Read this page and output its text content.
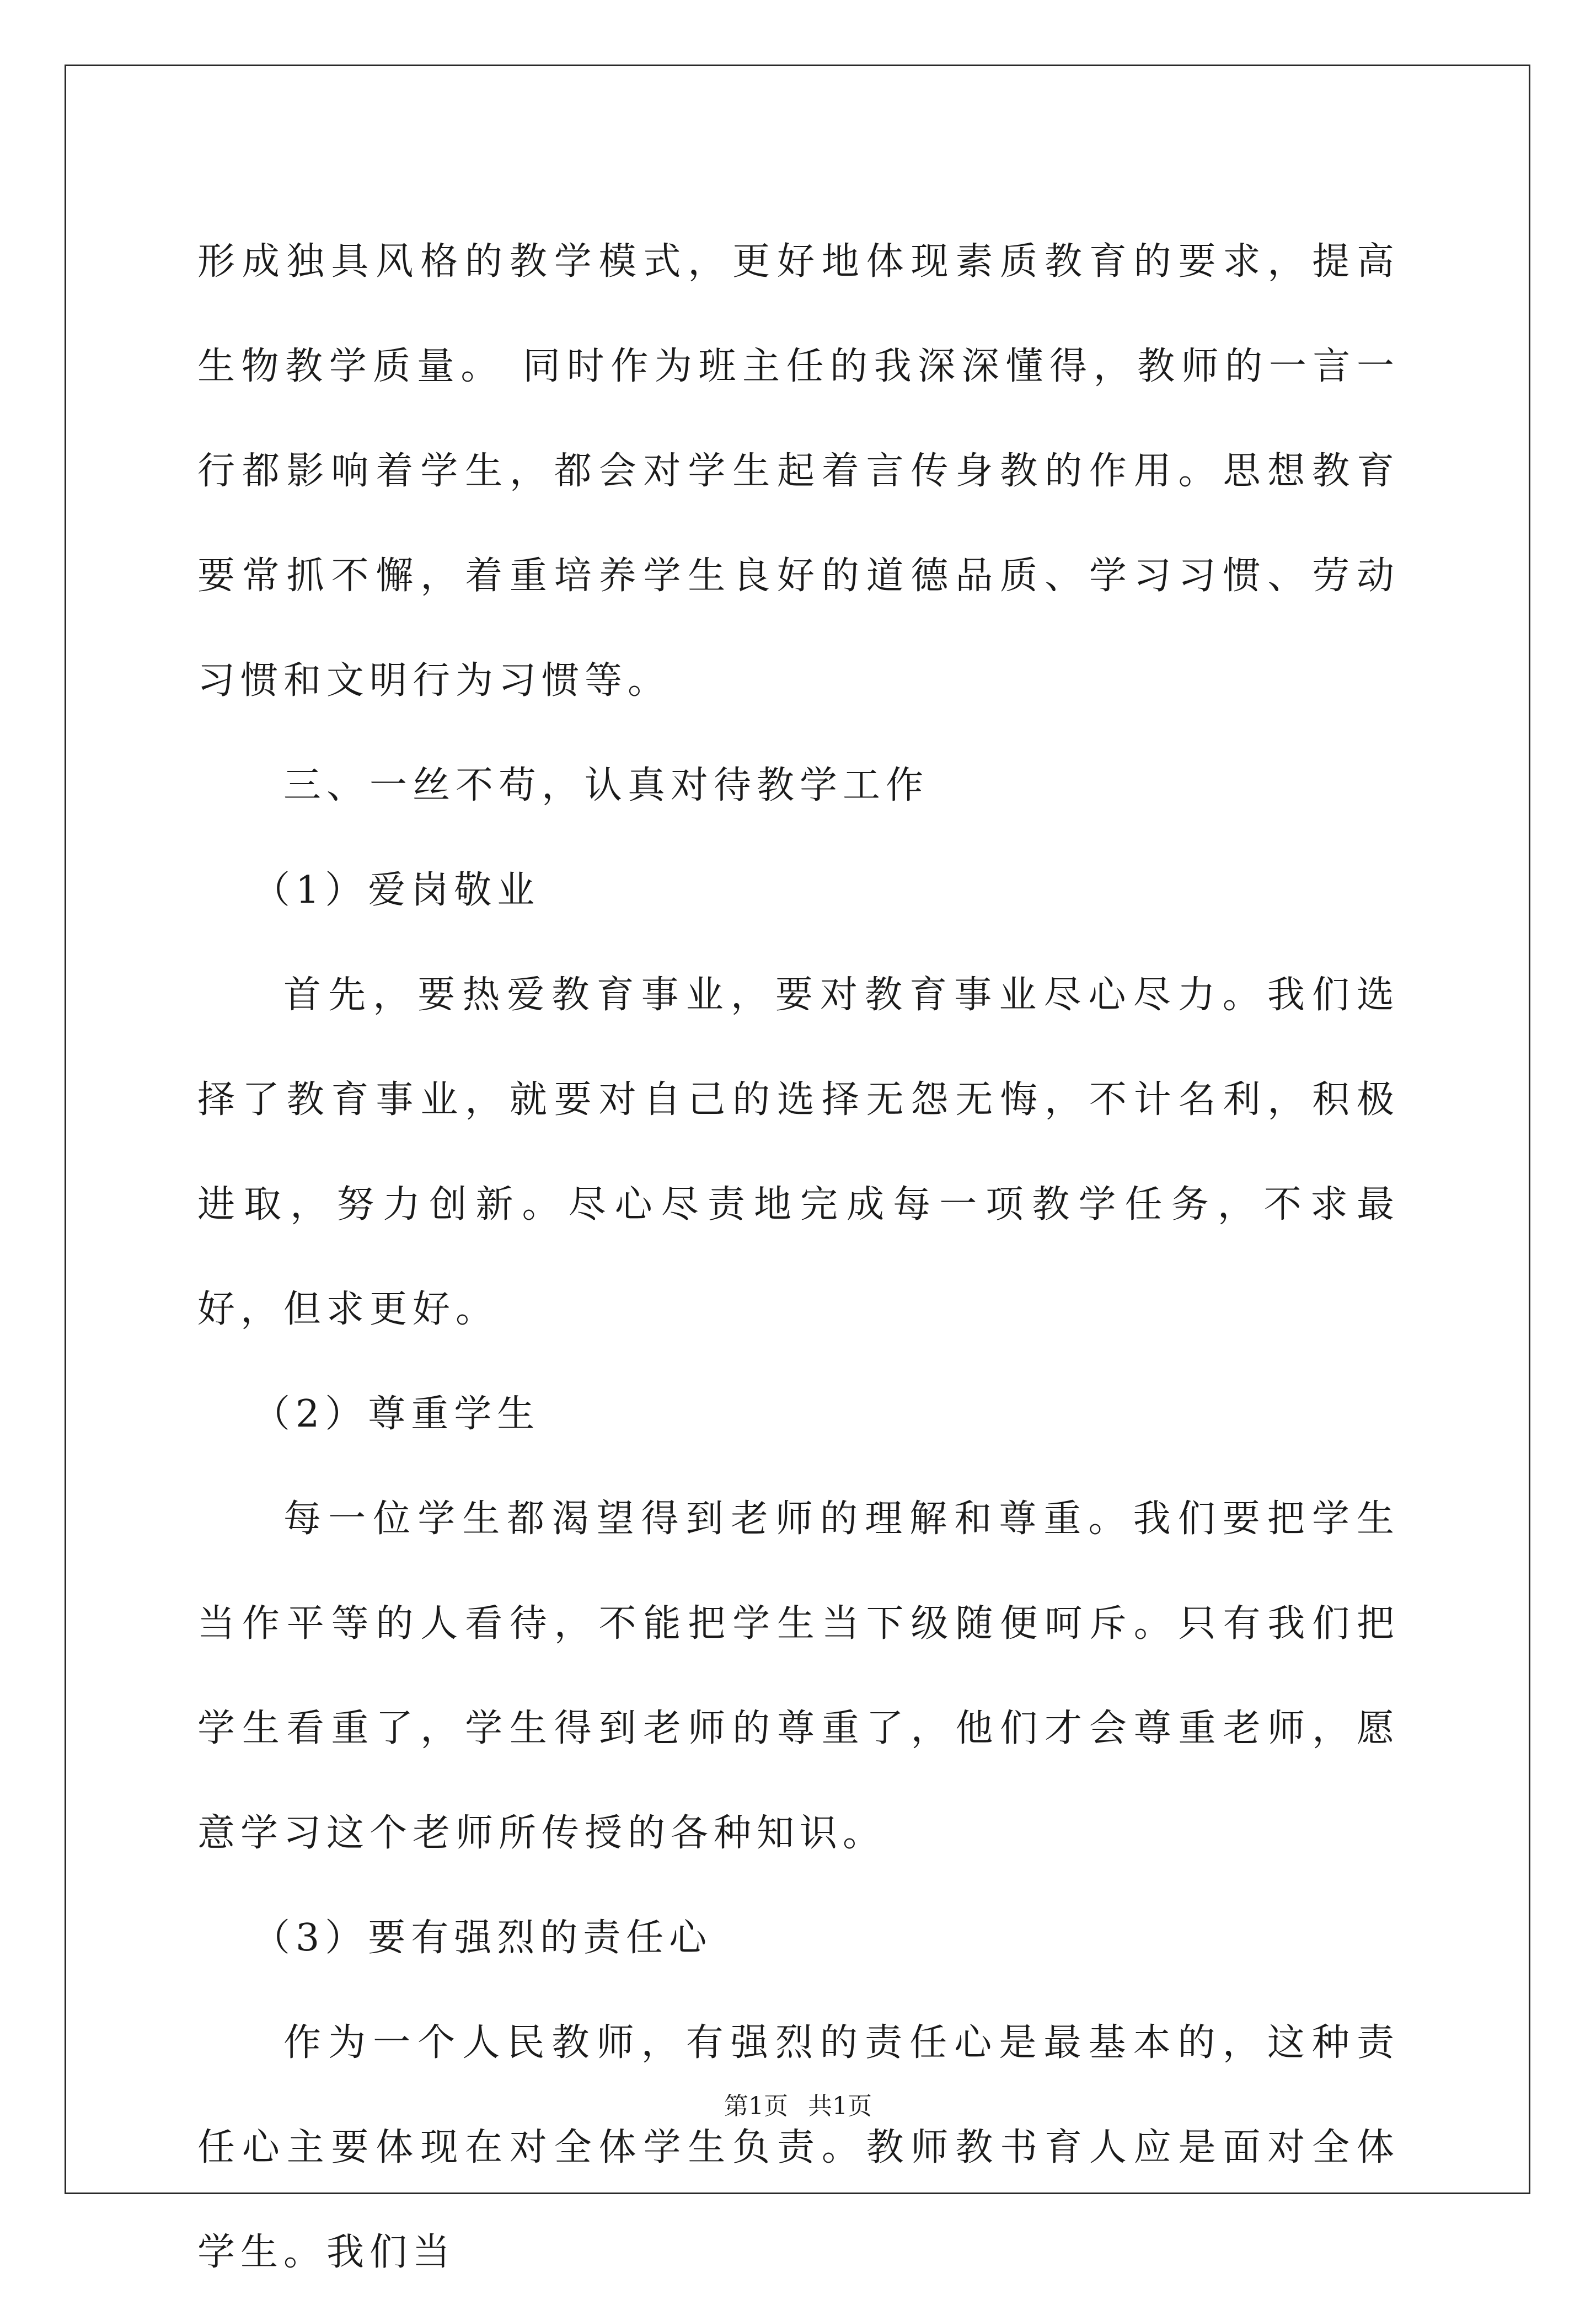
形成独具风格的教学模式，更好地体现素质教育的要求，提高生物教学质量。 同时作为班主任的我深深懂得，教师的一言一行都影响着学生，都会对学生起着言传身教的作用。思想教育要常抓不懈，着重培养学生良好的道德品质、学习习惯、劳动习惯和文明行为习惯等。

三、一丝不苟，认真对待教学工作

（1）爱岗敬业

首先，要热爱教育事业，要对教育事业尽心尽力。我们选择了教育事业，就要对自己的选择无怨无悔，不计名利，积极进取，努力创新。尽心尽责地完成每一项教学任务，不求最好，但求更好。

（2）尊重学生

每一位学生都渴望得到老师的理解和尊重。我们要把学生当作平等的人看待，不能把学生当下级随便呵斥。只有我们把学生看重了，学生得到老师的尊重了，他们才会尊重老师，愿意学习这个老师所传授的各种知识。

（3）要有强烈的责任心

作为一个人民教师，有强烈的责任心是最基本的，这种责任心主要体现在对全体学生负责。教师教书育人应是面对全体学生。我们当

第1页 共1页
